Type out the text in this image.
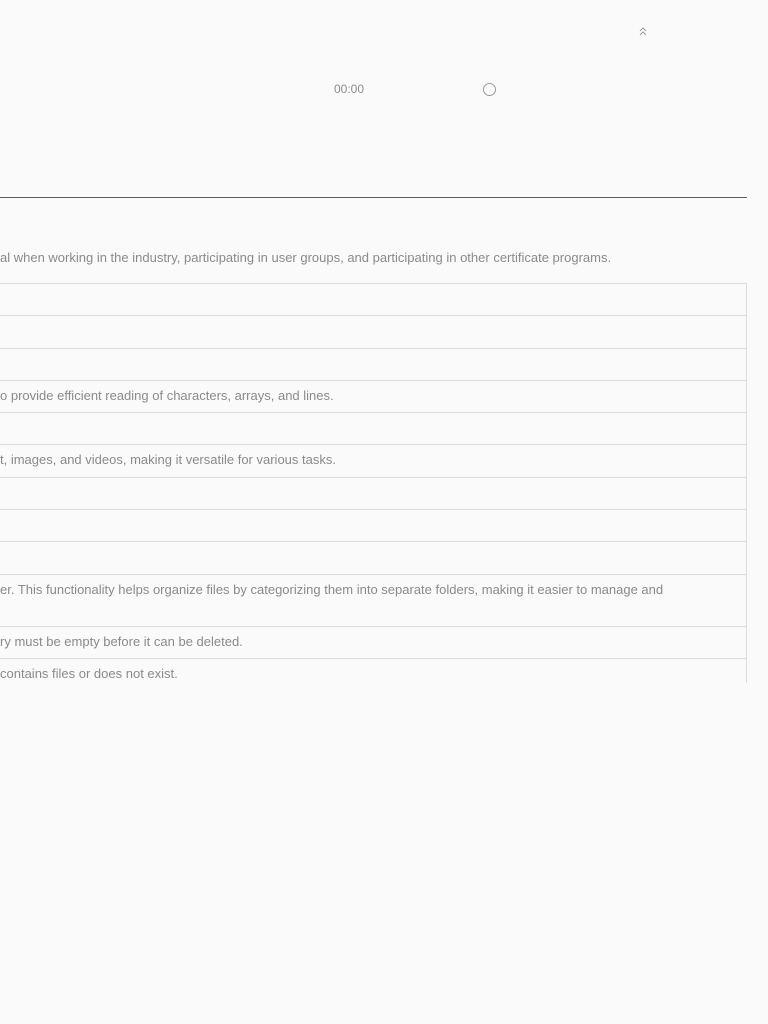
00:00
al when working in the industry, participating in user groups, and participating in other certificate programs.
o provide efficient reading of characters, arrays, and lines.
t, images, and videos, making it versatile for various tasks.
er. This functionality helps organize files by categorizing them into separate folders, making it easier to manage and
ry must be empty before it can be deleted.
contains files or does not exist.
